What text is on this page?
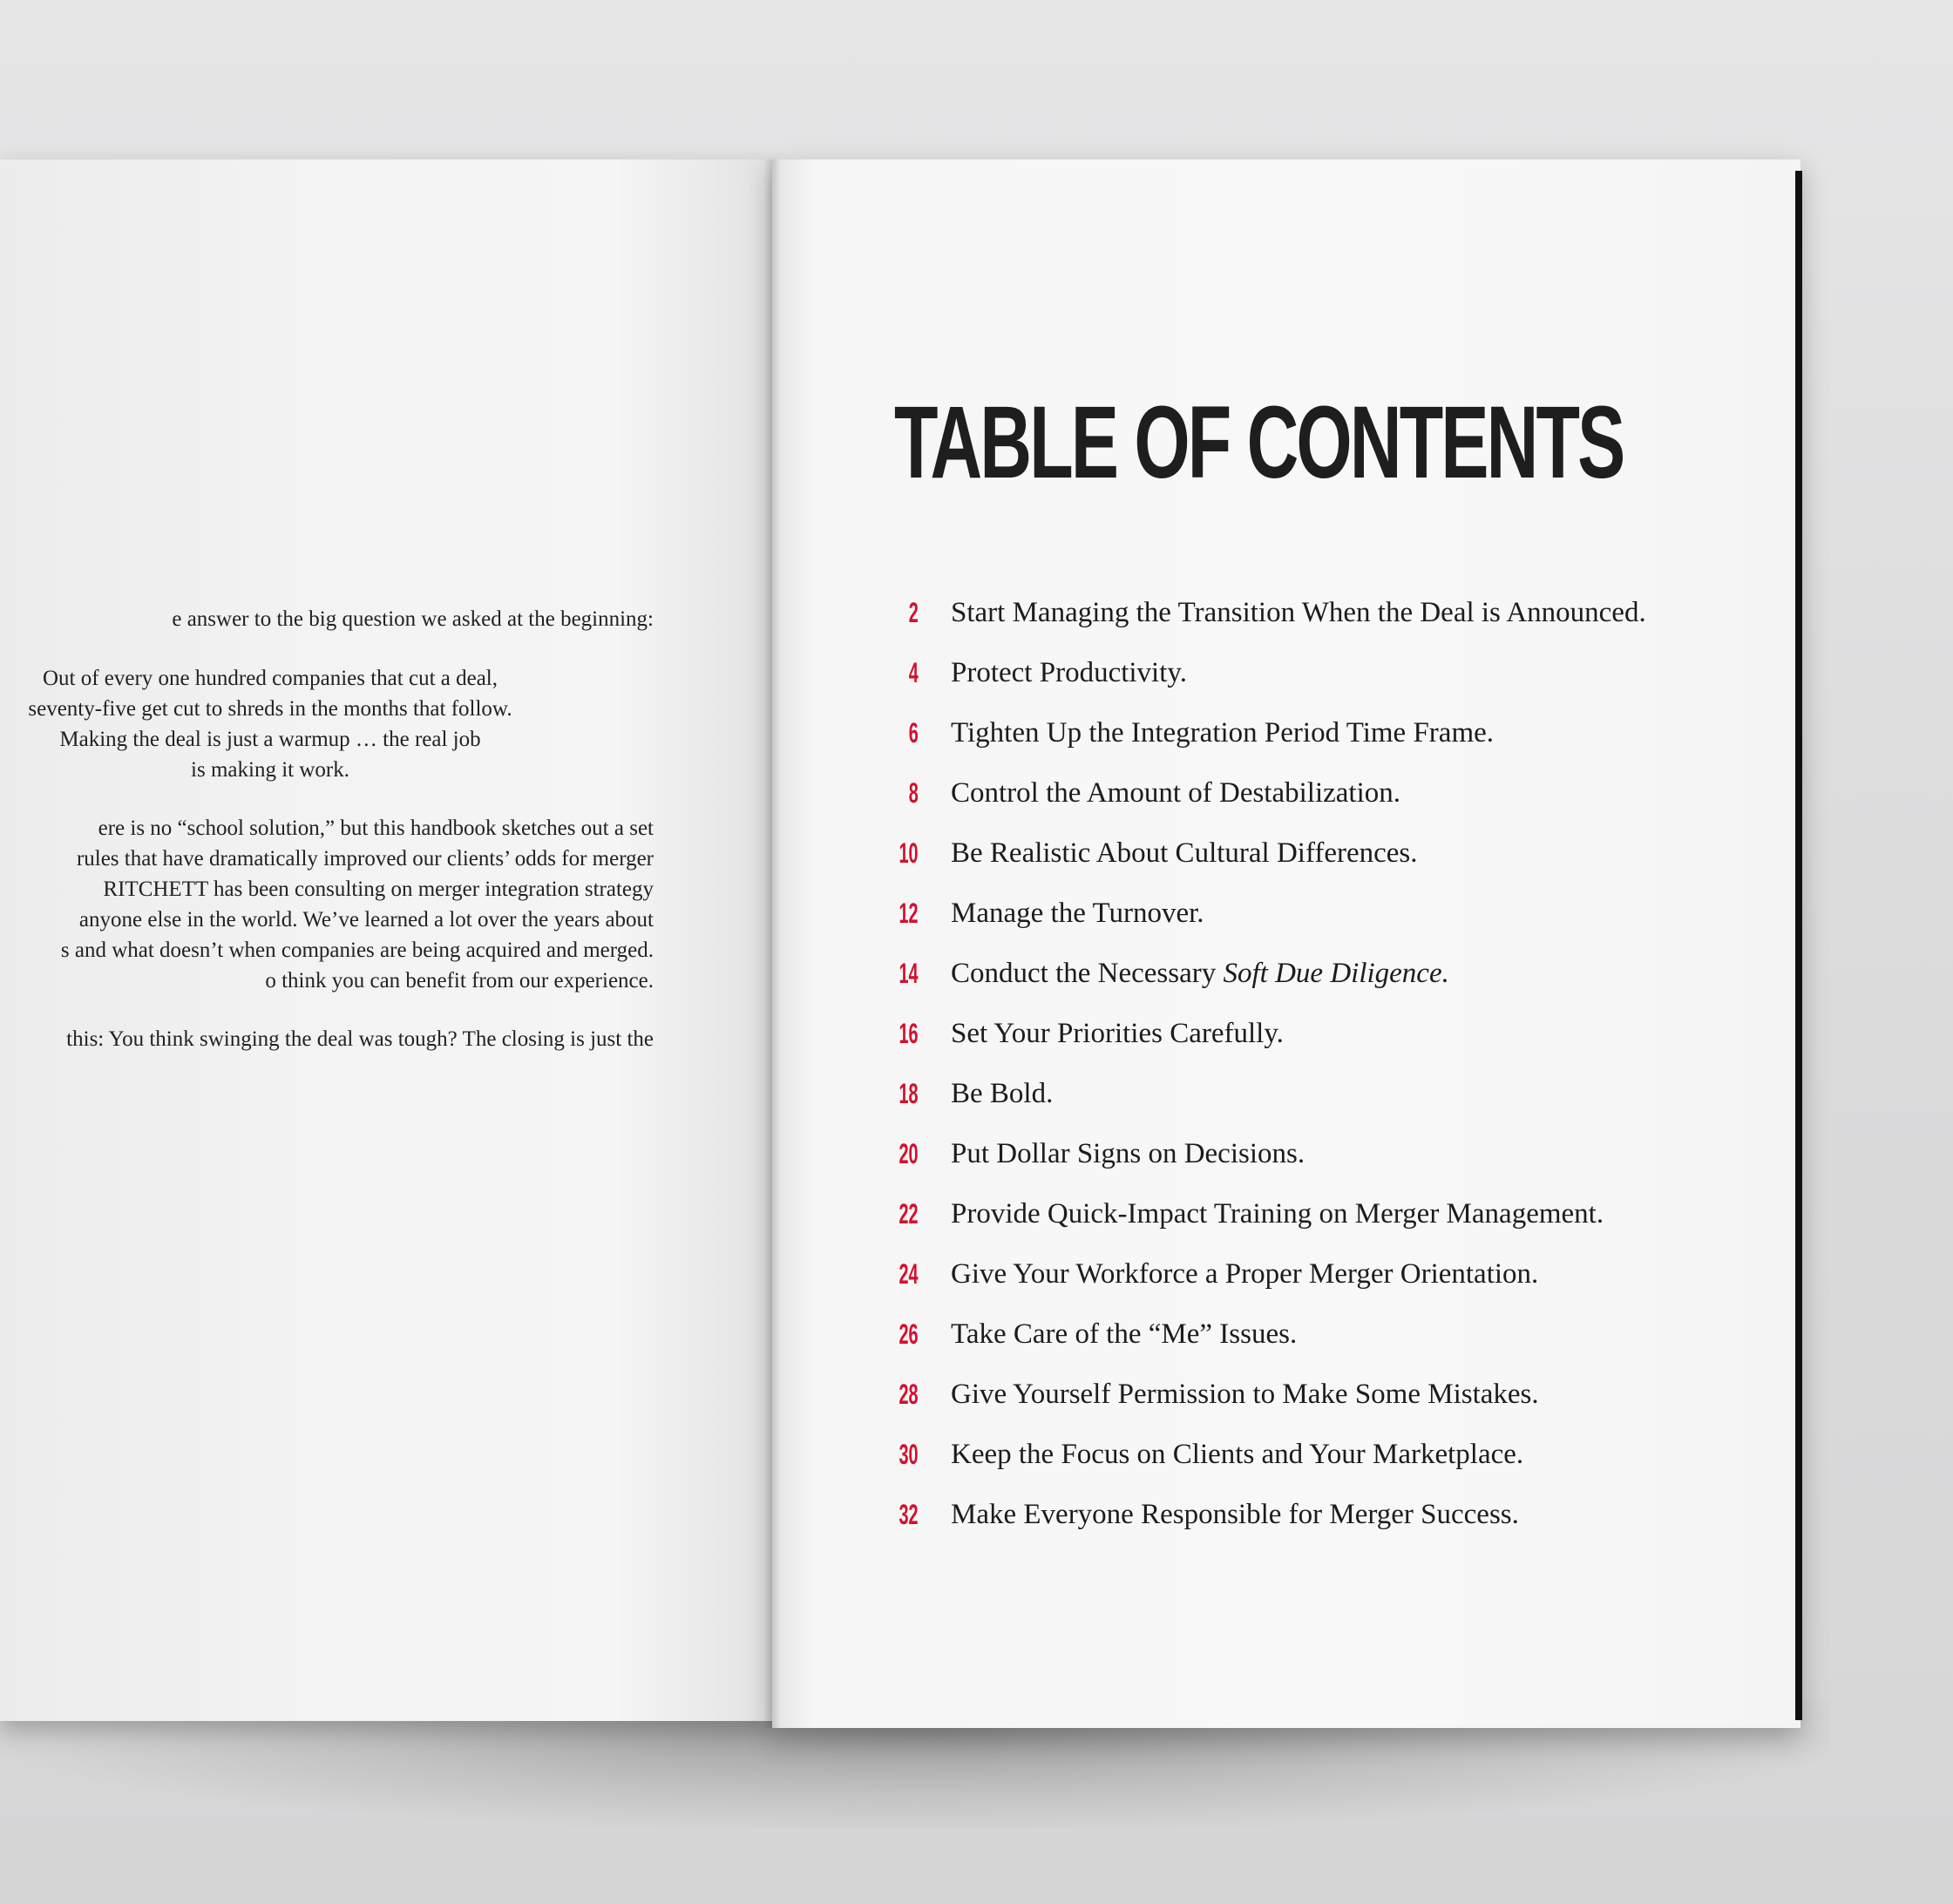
e answer to the big question we asked at the beginning:
Out of every one hundred companies that cut a deal,
seventy-five get cut to shreds in the months that follow.
Making the deal is just a warmup … the real job
is making it work.
ere is no “school solution,” but this handbook sketches out a set
rules that have dramatically improved our clients’ odds for merger
RITCHETT has been consulting on merger integration strategy
anyone else in the world. We’ve learned a lot over the years about
s and what doesn’t when companies are being acquired and merged.
o think you can benefit from our experience.
this: You think swinging the deal was tough? The closing is just the
TABLE OF CONTENTS
2 Start Managing the Transition When the Deal is Announced.
4 Protect Productivity.
6 Tighten Up the Integration Period Time Frame.
8 Control the Amount of Destabilization.
10 Be Realistic About Cultural Differences.
12 Manage the Turnover.
14 Conduct the Necessary Soft Due Diligence.
16 Set Your Priorities Carefully.
18 Be Bold.
20 Put Dollar Signs on Decisions.
22 Provide Quick-Impact Training on Merger Management.
24 Give Your Workforce a Proper Merger Orientation.
26 Take Care of the “Me” Issues.
28 Give Yourself Permission to Make Some Mistakes.
30 Keep the Focus on Clients and Your Marketplace.
32 Make Everyone Responsible for Merger Success.
